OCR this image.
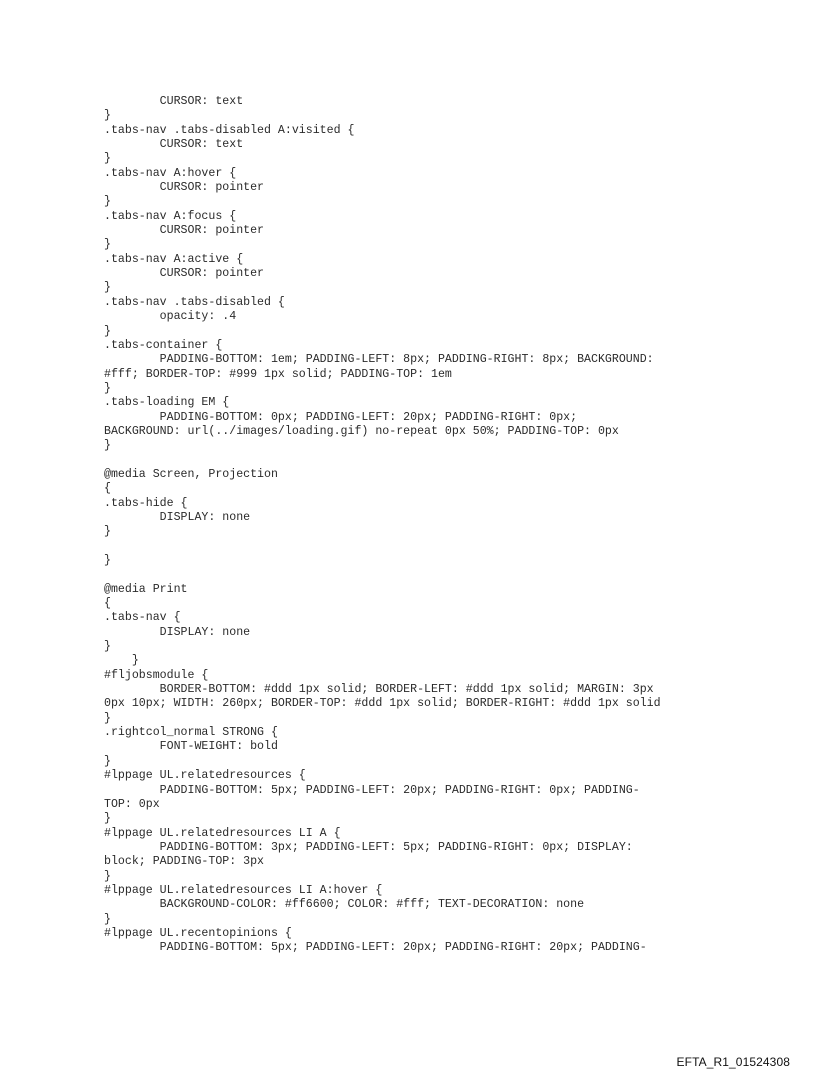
CURSOR: text
}
.tabs-nav .tabs-disabled A:visited {
CURSOR: text
}
.tabs-nav A:hover {
CURSOR: pointer
}
.tabs-nav A:focus {
CURSOR: pointer
}
.tabs-nav A:active {
CURSOR: pointer
}
.tabs-nav .tabs-disabled {
opacity: .4
}
.tabs-container {
PADDING-BOTTOM: 1em; PADDING-LEFT: 8px; PADDING-RIGHT: 8px; BACKGROUND:
#fff; BORDER-TOP: #999 1px solid; PADDING-TOP: 1em
}
.tabs-loading EM {
PADDING-BOTTOM: 0px; PADDING-LEFT: 20px; PADDING-RIGHT: 0px;
BACKGROUND: url(../images/loading.gif) no-repeat 0px 50%; PADDING-TOP: 0px
}
@media Screen, Projection
{
.tabs-hide {
DISPLAY: none
}
}
@media Print
{
.tabs-nav {
DISPLAY: none
}
}
#fljobsmodule {
BORDER-BOTTOM: #ddd 1px solid; BORDER-LEFT: #ddd 1px solid; MARGIN: 3px
0px 10px; WIDTH: 260px; BORDER-TOP: #ddd 1px solid; BORDER-RIGHT: #ddd 1px solid
}
.rightcol_normal STRONG {
FONT-WEIGHT: bold
}
#lppage UL.relatedresources {
PADDING-BOTTOM: 5px; PADDING-LEFT: 20px; PADDING-RIGHT: 0px; PADDING-
TOP: 0px
}
#lppage UL.relatedresources LI A {
PADDING-BOTTOM: 3px; PADDING-LEFT: 5px; PADDING-RIGHT: 0px; DISPLAY:
block; PADDING-TOP: 3px
}
#lppage UL.relatedresources LI A:hover {
BACKGROUND-COLOR: #ff6600; COLOR: #fff; TEXT-DECORATION: none
}
#lppage UL.recentopinions {
PADDING-BOTTOM: 5px; PADDING-LEFT: 20px; PADDING-RIGHT: 20px; PADDING-
EFTA_R1_01524308
